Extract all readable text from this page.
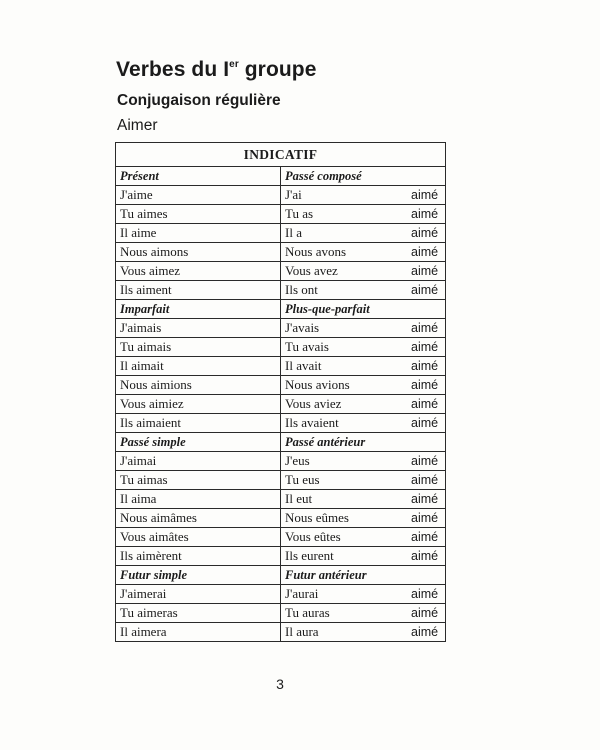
Verbes du Ier groupe
Conjugaison régulière
Aimer
INDICATIF	
Présent	Passé composé
J'aime	J'ai aimé

Tu aimes	Tu as aimé

Il aime	Il a aimé

Nous aimons	Nous avons aimé

Vous aimez	Vous avez aimé

Ils aiment	Ils ont aimé

Imparfait	Plus-que-parfait
J'aimais	J'avais aimé

Tu aimais	Tu avais aimé

Il aimait	Il avait aimé

Nous aimions	Nous avions aimé

Vous aimiez	Vous aviez aimé

Ils aimaient	Ils avaient aimé

Passé simple	Passé antérieur
J'aimai	J'eus aimé

Tu aimas	Tu eus aimé

Il aima	Il eut aimé

Nous aimâmes	Nous eûmes aimé

Vous aimâtes	Vous eûtes aimé

Ils aimèrent	Ils eurent aimé

Futur simple	Futur antérieur
J'aimerai	J'aurai aimé

Tu aimeras	Tu auras aimé

Il aimera	Il aura aimé
3
